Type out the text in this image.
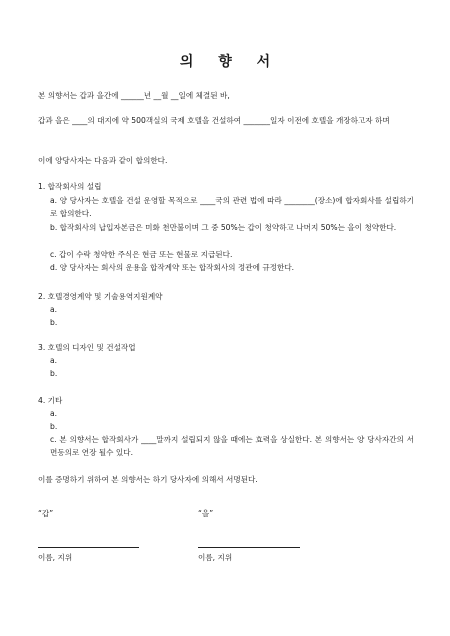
의 향 서
본 의향서는 갑과 을간에 ______년 __월 __일에 체결된 바,
갑과 을은 ____의 대지에 약 500객실의 국제 호텔을 건설하여 _______일자 이전에 호텔을 개장하고자 하며
이에 양당사자는 다음과 같이 합의한다.
1. 합작회사의 설립
a. 양 당사자는 호텔을 건설 운영할 목적으로 ____국의 관련 법에 따라 ________(장소)에 합자회사를 설립하기로 합의한다.
b. 합작회사의 납입자본금은 미화 천만불이며 그 중 50%는 갑이 청약하고 나머지 50%는 을이 청약한다.
c. 갑이 수락 청약한 주식은 현금 또는 현물로 지급된다.
d. 양 당사자는 회사의 운용을 합작계약 또는 합작회사의 정관에 규정한다.
2. 호텔경영계약 및 기술용역지원계약
a.
b.
3. 호텔의 디자인 및 건설작업
a.
b.
4. 기타
a.
b.
c. 본 의향서는 합작회사가 ____말까지 설립되지 않을 때에는 효력을 상실한다. 본 의향서는 양 당사자간의 서면동의로 연장 될수 있다.
이를 증명하기 위하여 본 의향서는 하기 당사자에 의해서 서명된다.
“갑”	“을”
이름, 지위	이름, 지위
